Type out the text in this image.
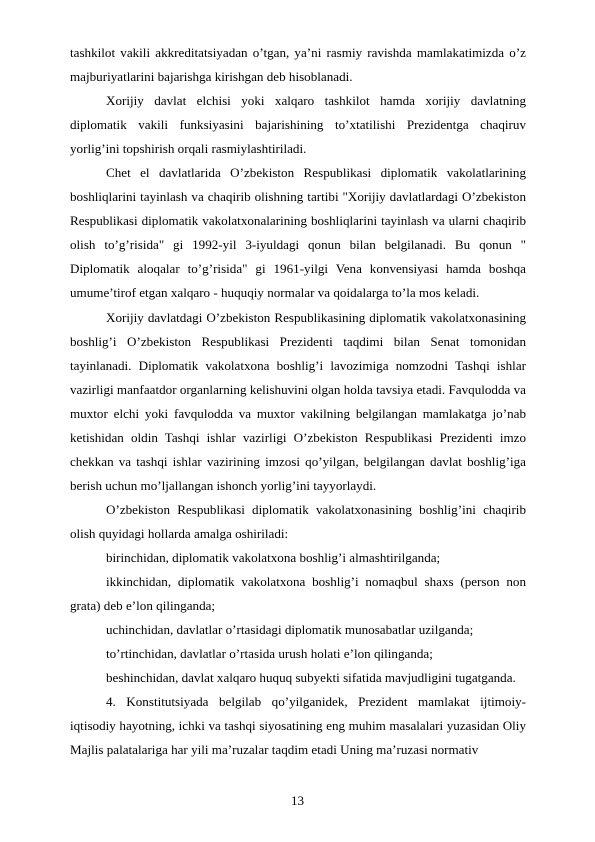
tashkilot vakili akkreditatsiyadan o’tgan, ya’ni rasmiy ravishda mamlakatimizda o’z majburiyatlarini bajarishga kirishgan deb hisoblanadi.

Xorijiy davlat elchisi yoki xalqaro tashkilot hamda xorijiy davlatning diplomatik vakili funksiyasini bajarishining to’xtatilishi Prezidentga chaqiruv yorlig’ini topshirish orqali rasmiylashtiriladi.

Chet el davlatlarida O’zbekiston Respublikasi diplomatik vakolatlarining boshliqlarini tayinlash va chaqirib olishning tartibi "Xorijiy davlatlardagi O’zbekiston Respublikasi diplomatik vakolatxonalarining boshliqlarini tayinlash va ularni chaqirib olish to’g’risida" gi 1992-yil 3-iyuldagi qonun bilan belgilanadi. Bu qonun " Diplomatik aloqalar to’g’risida" gi 1961-yilgi Vena konvensiyasi hamda boshqa umume’tirof etgan xalqaro - huquqiy normalar va qoidalarga to’la mos keladi.

Xorijiy davlatdagi O’zbekiston Respublikasining diplomatik vakolatxonasining boshlig’i O’zbekiston Respublikasi Prezidenti taqdimi bilan Senat tomonidan tayinlanadi. Diplomatik vakolatxona boshlig’i lavozimiga nomzodni Tashqi ishlar vazirligi manfaatdor organlarning kelishuvini olgan holda tavsiya etadi. Favqulodda va muxtor elchi yoki favqulodda va muxtor vakilning belgilangan mamlakatga jo’nab ketishidan oldin Tashqi ishlar vazirligi O’zbekiston Respublikasi Prezidenti imzo chekkan va tashqi ishlar vazirining imzosi qo’yilgan, belgilangan davlat boshlig’iga berish uchun mo’ljallangan ishonch yorlig’ini tayyorlaydi.

O’zbekiston Respublikasi diplomatik vakolatxonasining boshlig’ini chaqirib olish quyidagi hollarda amalga oshiriladi:

birinchidan, diplomatik vakolatxona boshlig’i almashtirilganda;

ikkinchidan, diplomatik vakolatxona boshlig’i nomaqbul shaxs (person non grata) deb e’lon qilinganda;

uchinchidan, davlatlar o’rtasidagi diplomatik munosabatlar uzilganda;

to’rtinchidan, davlatlar o’rtasida urush holati e’lon qilinganda;

beshinchidan, davlat xalqaro huquq subyekti sifatida mavjudligini tugatganda.

4. Konstitutsiyada belgilab qo’yilganidek, Prezident mamlakat ijtimoiy-iqtisodiy hayotning, ichki va tashqi siyosatining eng muhim masalalari yuzasidan Oliy Majlis palatalariga har yili ma’ruzalar taqdim etadi Uning ma’ruzasi normativ

13
